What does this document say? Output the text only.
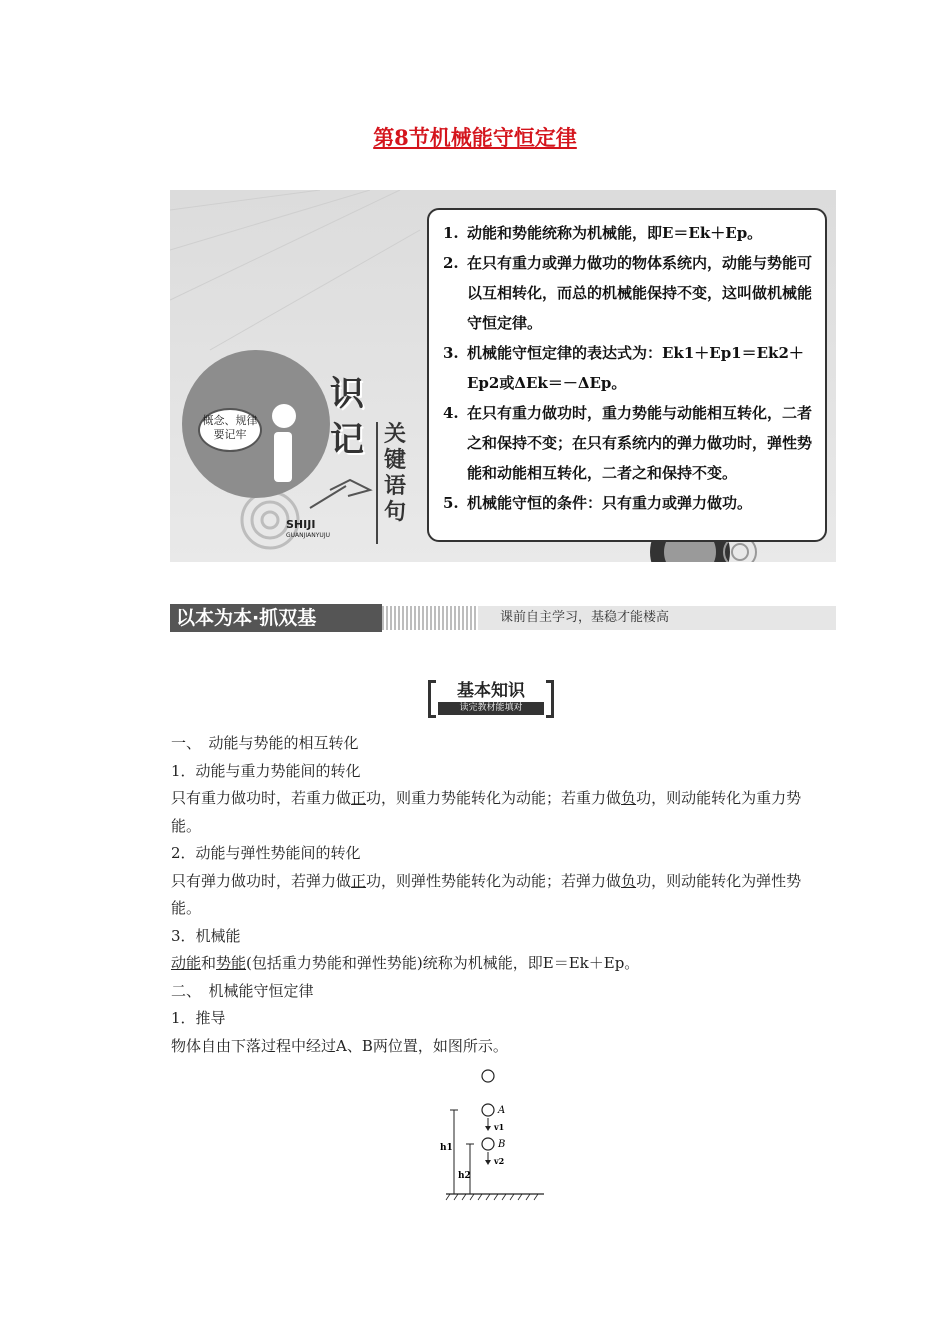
第8节机械能守恒定律
概念、规律
要记牢
识
记 关键语句
SHIJI
GUANJIANYUJU
1. 动能和势能统称为机械能，即E＝Ek＋Ep。
2. 在只有重力或弹力做功的物体系统内，动能与势能可以互相转化，而总的机械能保持不变，这叫做机械能守恒定律。
3. 机械能守恒定律的表达式为：Ek1＋Ep1＝Ek2＋Ep2或ΔEk＝－ΔEp。
4. 在只有重力做功时，重力势能与动能相互转化，二者之和保持不变；在只有系统内的弹力做功时，弹性势能和动能相互转化，二者之和保持不变。
5. 机械能守恒的条件：只有重力或弹力做功。
以本为本·抓双基	课前自主学习，基稳才能楼高
基本知识
读完教材能填对

一、　动能与势能的相互转化

1．动能与重力势能间的转化

只有重力做功时，若重力做正功，则重力势能转化为动能；若重力做负功，则动能转化为重力势能。

2．动能与弹性势能间的转化

只有弹力做功时，若弹力做正功，则弹性势能转化为动能；若弹力做负功，则动能转化为弹性势能。

3．机械能

动能和势能(包括重力势能和弹性势能)统称为机械能，即E＝Ek＋Ep。

二、　机械能守恒定律

1．推导

物体自由下落过程中经过A、B两位置，如图所示。

A
B
v1
v2
h1
h2
